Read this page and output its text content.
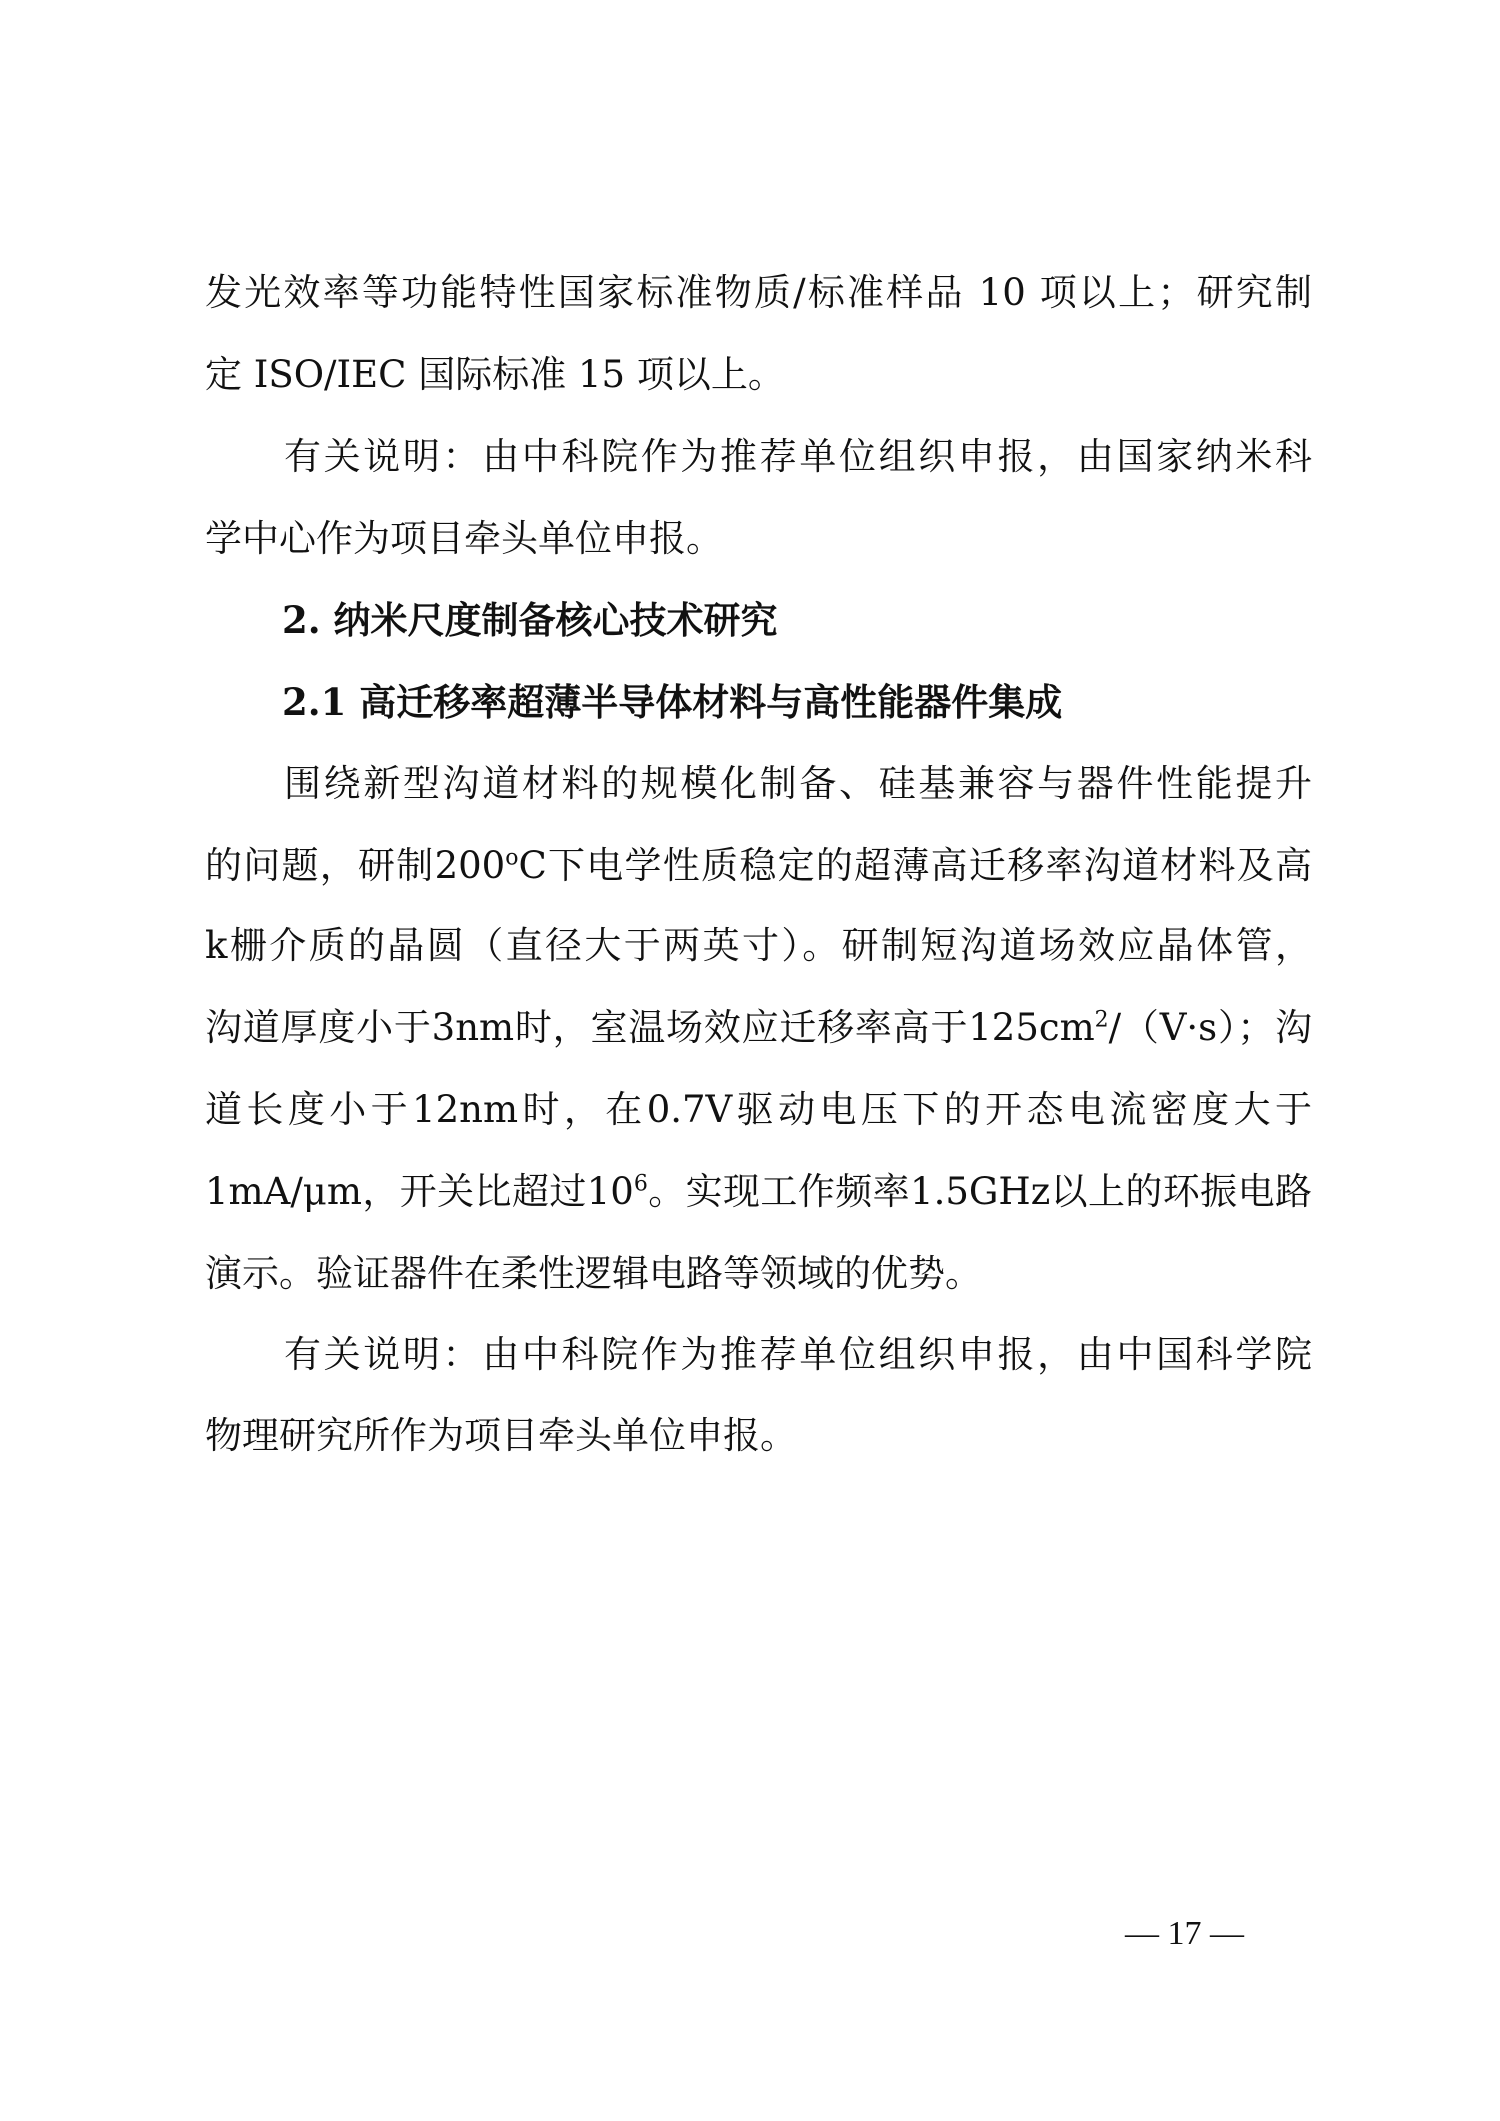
发光效率等功能特性国家标准物质/标准样品 10 项以上；研究制
定 ISO/IEC 国际标准 15 项以上。
有关说明：由中科院作为推荐单位组织申报，由国家纳米科
学中心作为项目牵头单位申报。
2. 纳米尺度制备核心技术研究
2.1 高迁移率超薄半导体材料与高性能器件集成
围绕新型沟道材料的规模化制备、硅基兼容与器件性能提升
的问题，研制200$^o$C下电学性质稳定的超薄高迁移率沟道材料及高
k栅介质的晶圆（直径大于两英寸）。研制短沟道场效应晶体管，
沟道厚度小于3nm时，室温场效应迁移率高于$125cm^2/(V\cdot s)$；沟
道长度小于12nm时，在0.7V驱动电压下的开态电流密度大于
1mA/μm，开关比超过$10^6$。实现工作频率1.5GHz以上的环振电路
演示。验证器件在柔性逻辑电路等领域的优势。
有关说明：由中科院作为推荐单位组织申报，由中国科学院
物理研究所作为项目牵头单位申报。
— 17 —
